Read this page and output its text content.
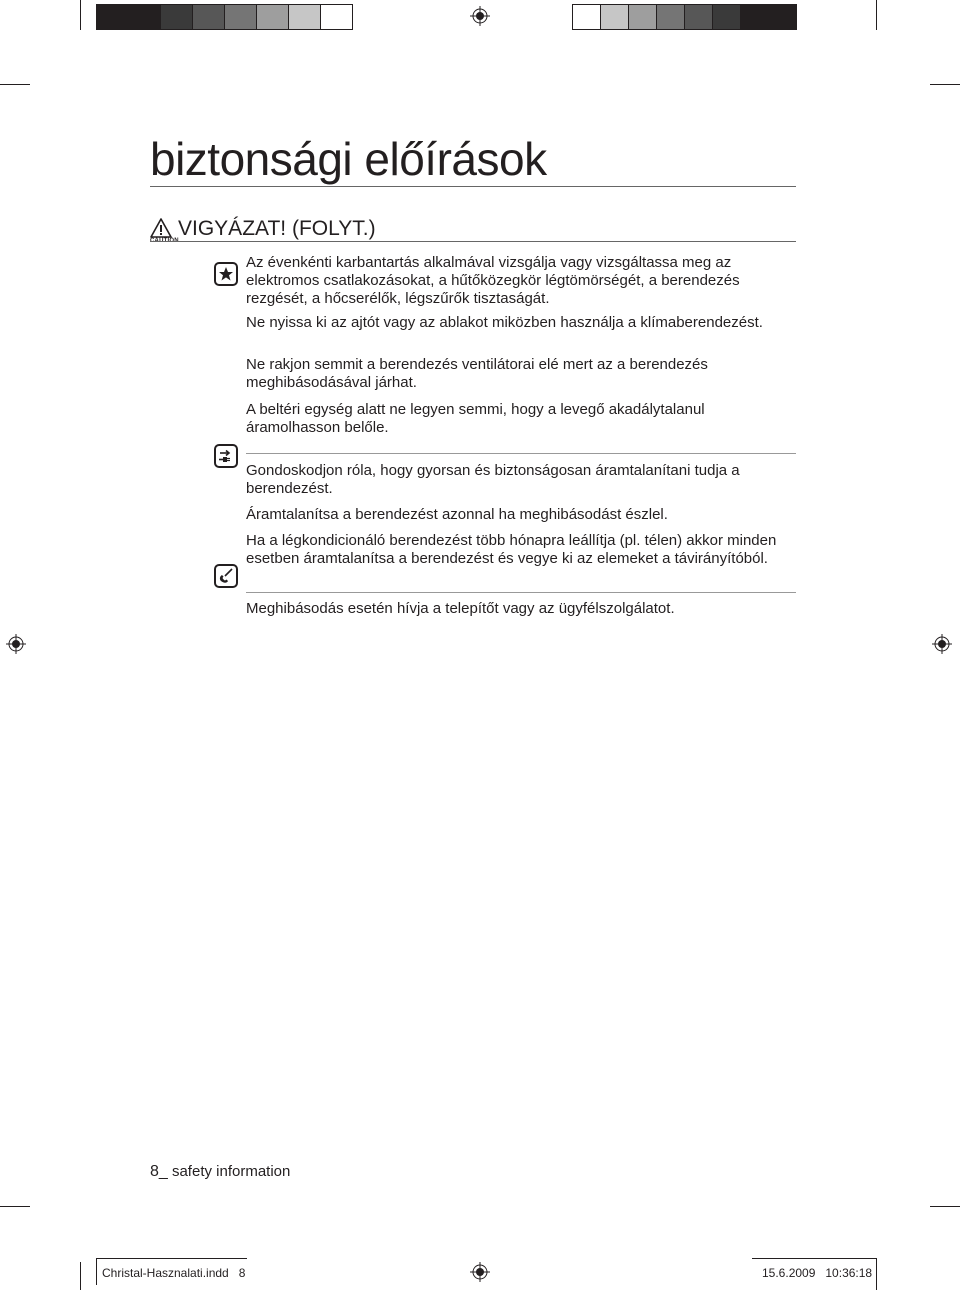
biztonsági előírások
VIGYÁZAT! (FOLYT.)

Az évenkénti karbantartás alkalmával vizsgálja vagy vizsgáltassa meg az elektromos csatlakozásokat, a hűtőközegkör légtömörségét, a berendezés rezgését, a hőcserélők, légszűrők tisztaságát.

Ne nyissa ki az ajtót vagy az ablakot miközben használja a klímaberendezést.

Ne rakjon semmit a berendezés ventilátorai elé mert az a berendezés meghibásodásával járhat.

A beltéri egység alatt ne legyen semmi, hogy a levegő akadálytalanul áramolhasson belőle.

Gondoskodjon róla, hogy gyorsan és biztonságosan áramtalanítani tudja a berendezést.

Áramtalanítsa a berendezést azonnal ha meghibásodást észlel.

Ha a légkondicionáló berendezést több hónapra leállítja (pl. télen) akkor minden esetben áramtalanítsa a berendezést és vegye ki az elemeket a távirányítóból.

Meghibásodás esetén hívja a telepítőt vagy az ügyfélszolgálatot.

8_ safety information
Christal-Hasznalati.indd   8	15.6.2009   10:36:18
